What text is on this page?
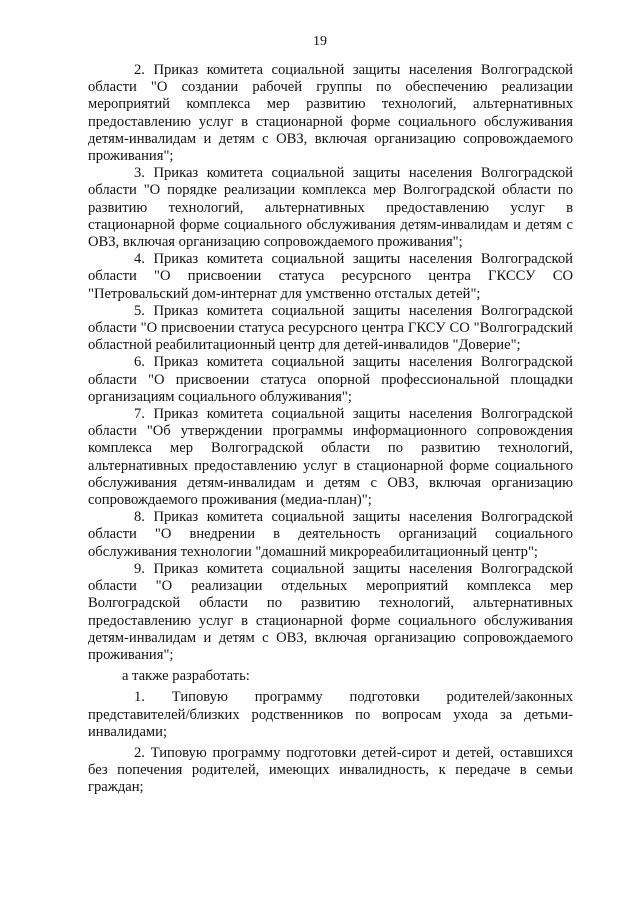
19

2. Приказ комитета социальной защиты населения Волгоградской области "О создании рабочей группы по обеспечению реализации мероприятий комплекса мер развитию технологий, альтернативных предоставлению услуг в стационарной форме социального обслуживания детям-инвалидам и детям с ОВЗ, включая организацию сопровождаемого проживания";

3. Приказ комитета социальной защиты населения Волгоградской области "О порядке реализации комплекса мер Волгоградской области по развитию технологий, альтернативных предоставлению услуг в стационарной форме социального обслуживания детям-инвалидам и детям с ОВЗ, включая организацию сопровождаемого проживания";

4. Приказ комитета социальной защиты населения Волгоградской области "О присвоении статуса ресурсного центра ГКССУ СО "Петровальский дом-интернат для умственно отсталых детей";

5. Приказ комитета социальной защиты населения Волгоградской области "О присвоении статуса ресурсного центра ГКСУ СО "Волгоградский областной реабилитационный центр для детей-инвалидов "Доверие";

6. Приказ комитета социальной защиты населения Волгоградской области "О присвоении статуса опорной профессиональной площадки организациям социального облуживания";

7. Приказ комитета социальной защиты населения Волгоградской области "Об утверждении программы информационного сопровождения комплекса мер Волгоградской области по развитию технологий, альтернативных предоставлению услуг в стационарной форме социального обслуживания детям-инвалидам и детям с ОВЗ, включая организацию сопровождаемого проживания (медиа-план)";

8. Приказ комитета социальной защиты населения Волгоградской области "О внедрении в деятельность организаций социального обслуживания технологии "домашний микрореабилитационный центр";

9. Приказ комитета социальной защиты населения Волгоградской области "О реализации отдельных мероприятий комплекса мер Волгоградской области по развитию технологий, альтернативных предоставлению услуг в стационарной форме социального обслуживания детям-инвалидам и детям с ОВЗ, включая организацию сопровождаемого проживания";

а также разработать:

1. Типовую программу подготовки родителей/законных представителей/близких родственников по вопросам ухода за детьми-инвалидами;

2. Типовую программу подготовки детей-сирот и детей, оставшихся без попечения родителей, имеющих инвалидность, к передаче в семьи граждан;
